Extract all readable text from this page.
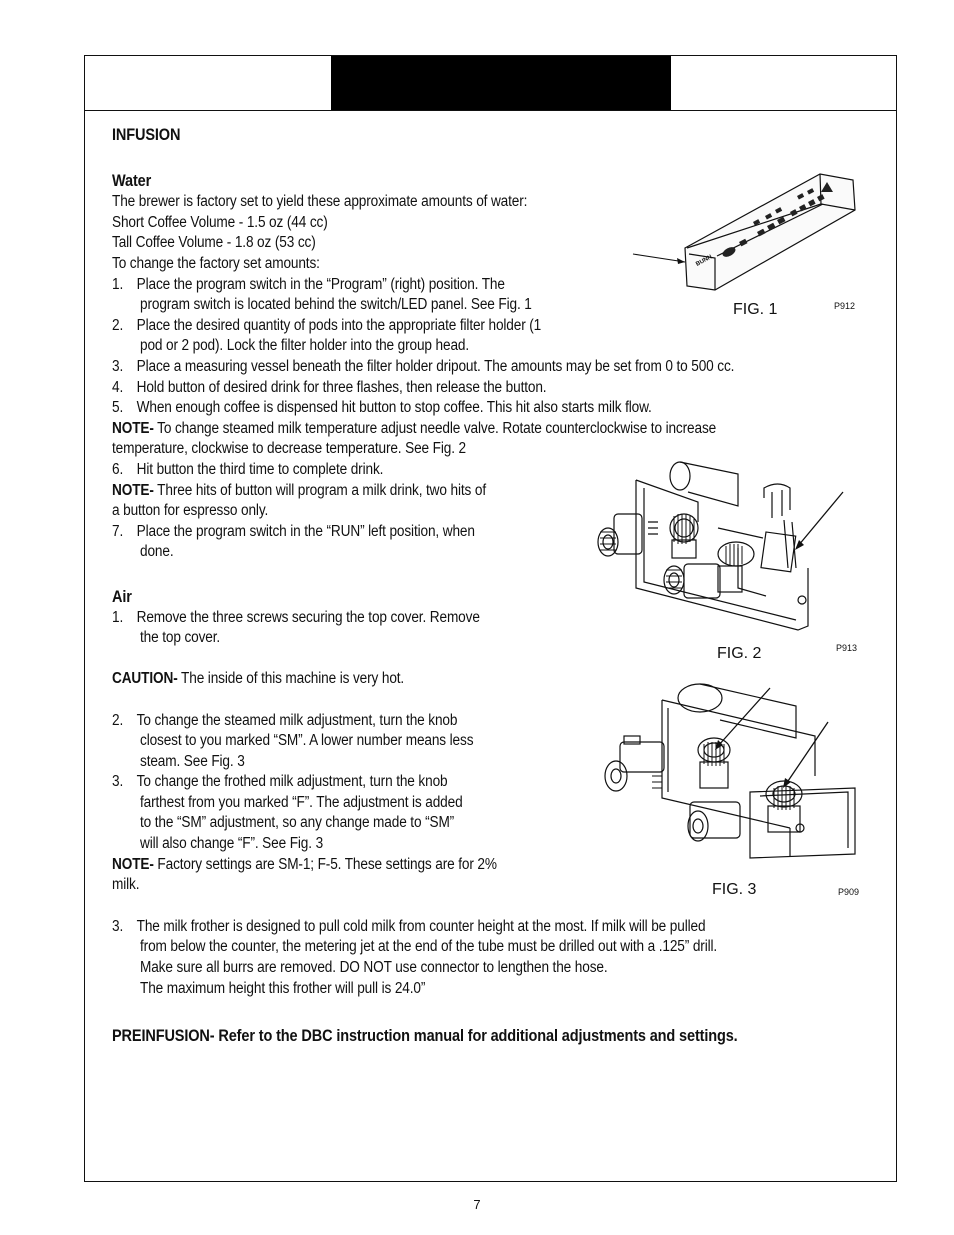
INFUSION
Water
The brewer is factory set to yield these approximate amounts of water:
Short Coffee Volume - 1.5 oz (44 cc)
Tall Coffee Volume - 1.8 oz (53 cc)
To change the factory set amounts:
1. Place the program switch in the “Program” (right) position. The
program switch is located behind the switch/LED panel. See Fig. 1
2. Place the desired quantity of pods into the appropriate filter holder (1
pod or 2 pod). Lock the filter holder into the group head.
3. Place a measuring vessel beneath the filter holder dripout. The amounts may be set from 0 to 500 cc.
4. Hold button of desired drink for three flashes, then release the button.
5. When enough coffee is dispensed hit button to stop coffee. This hit also starts milk flow.
NOTE- To change steamed milk temperature adjust needle valve. Rotate counterclockwise to increase
temperature, clockwise to decrease temperature. See Fig. 2
6. Hit button the third time to complete drink.
NOTE- Three hits of button will program a milk drink, two hits of
a button for espresso only.
7. Place the program switch in the “RUN” left position, when
done.
Air
1. Remove the three screws securing the top cover. Remove
the top cover.
CAUTION- The inside of this machine is very hot.
2. To change the steamed milk adjustment, turn the knob
closest to you marked “SM”. A lower number means less
steam. See Fig. 3
3. To change the frothed milk adjustment, turn the knob
farthest from you marked “F”. The adjustment is added
to the “SM” adjustment, so any change made to “SM”
will also change “F”. See Fig. 3
NOTE- Factory settings are SM-1; F-5. These settings are for 2%
milk.
3. The milk frother is designed to pull cold milk from counter height at the most. If milk will be pulled
from below the counter, the metering jet at the end of the tube must be drilled out with a .125” drill.
Make sure all burrs are removed. DO NOT use connector to lengthen the hose.
The maximum height this frother will pull is 24.0”
PREINFUSION- Refer to the DBC instruction manual for additional adjustments and settings.
BUNN
FIG. 1	P912
FIG. 2	P913
FIG. 3	P909
7
